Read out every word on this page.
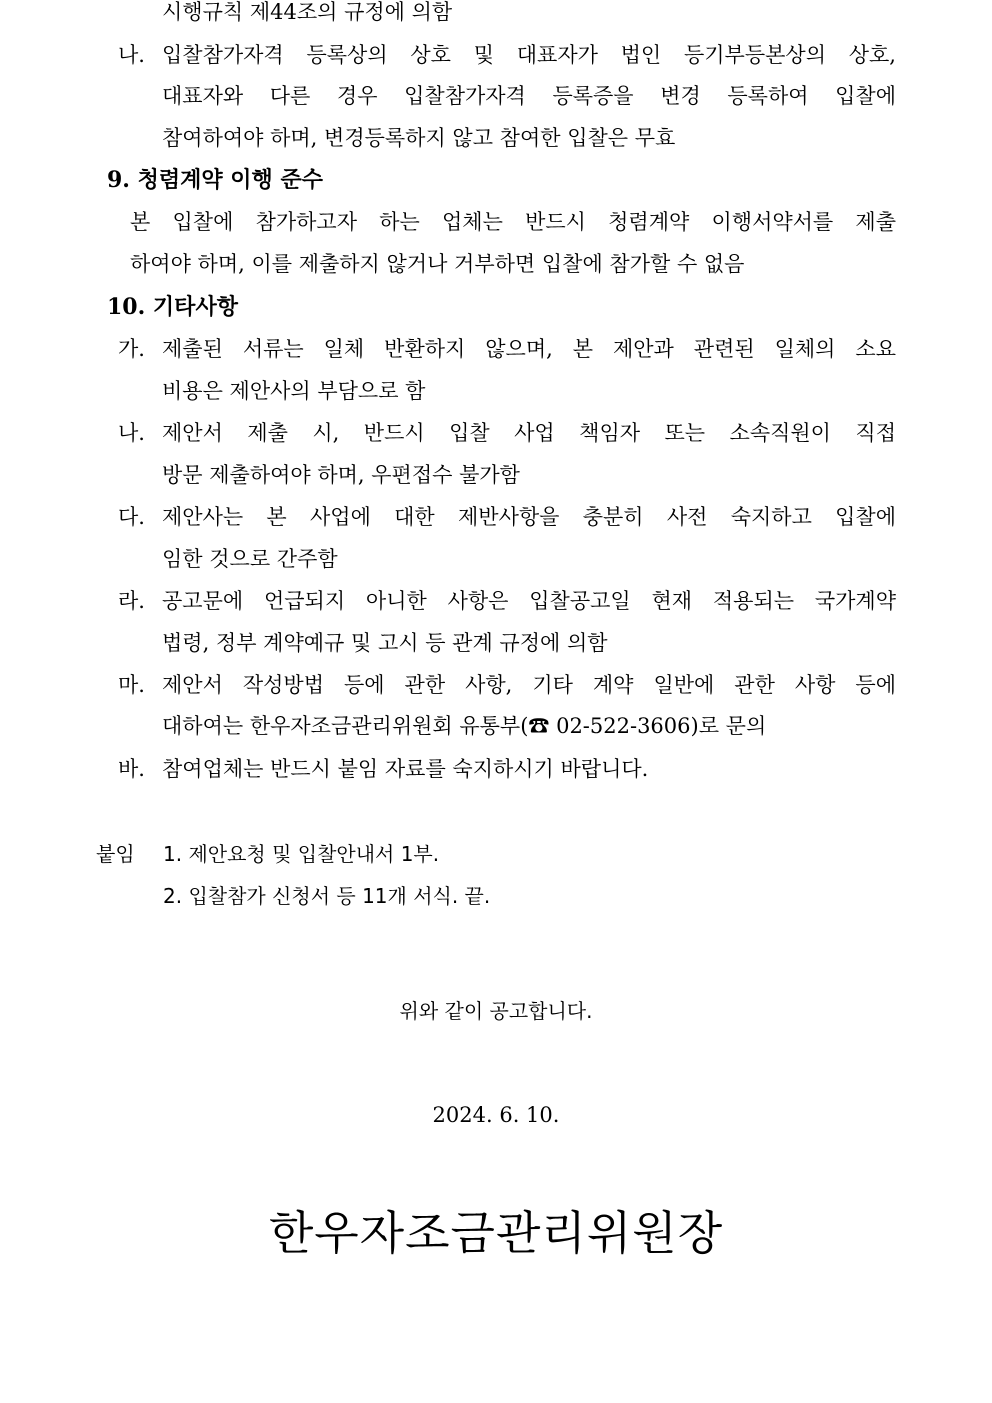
시행규칙 제44조의 규정에 의함
나. 입찰참가자격 등록상의 상호 및 대표자가 법인 등기부등본상의 상호,
대표자와 다른 경우 입찰참가자격 등록증을 변경 등록하여 입찰에
참여하여야 하며, 변경등록하지 않고 참여한 입찰은 무효
9. 청렴계약 이행 준수
본 입찰에 참가하고자 하는 업체는 반드시 청렴계약 이행서약서를 제출
하여야 하며, 이를 제출하지 않거나 거부하면 입찰에 참가할 수 없음
10. 기타사항
가. 제출된 서류는 일체 반환하지 않으며, 본 제안과 관련된 일체의 소요
비용은 제안사의 부담으로 함
나. 제안서 제출 시, 반드시 입찰 사업 책임자 또는 소속직원이 직접
방문 제출하여야 하며, 우편접수 불가함
다. 제안사는 본 사업에 대한 제반사항을 충분히 사전 숙지하고 입찰에
임한 것으로 간주함
라. 공고문에 언급되지 아니한 사항은 입찰공고일 현재 적용되는 국가계약
법령, 정부 계약예규 및 고시 등 관계 규정에 의함
마. 제안서 작성방법 등에 관한 사항, 기타 계약 일반에 관한 사항 등에
대하여는 한우자조금관리위원회 유통부(☎ 02-522-3606)로 문의
바. 참여업체는 반드시 붙임 자료를 숙지하시기 바랍니다.
붙임 1. 제안요청 및 입찰안내서 1부.
2. 입찰참가 신청서 등 11개 서식. 끝.
위와 같이 공고합니다.
2024. 6. 10.
한우자조금관리위원장
